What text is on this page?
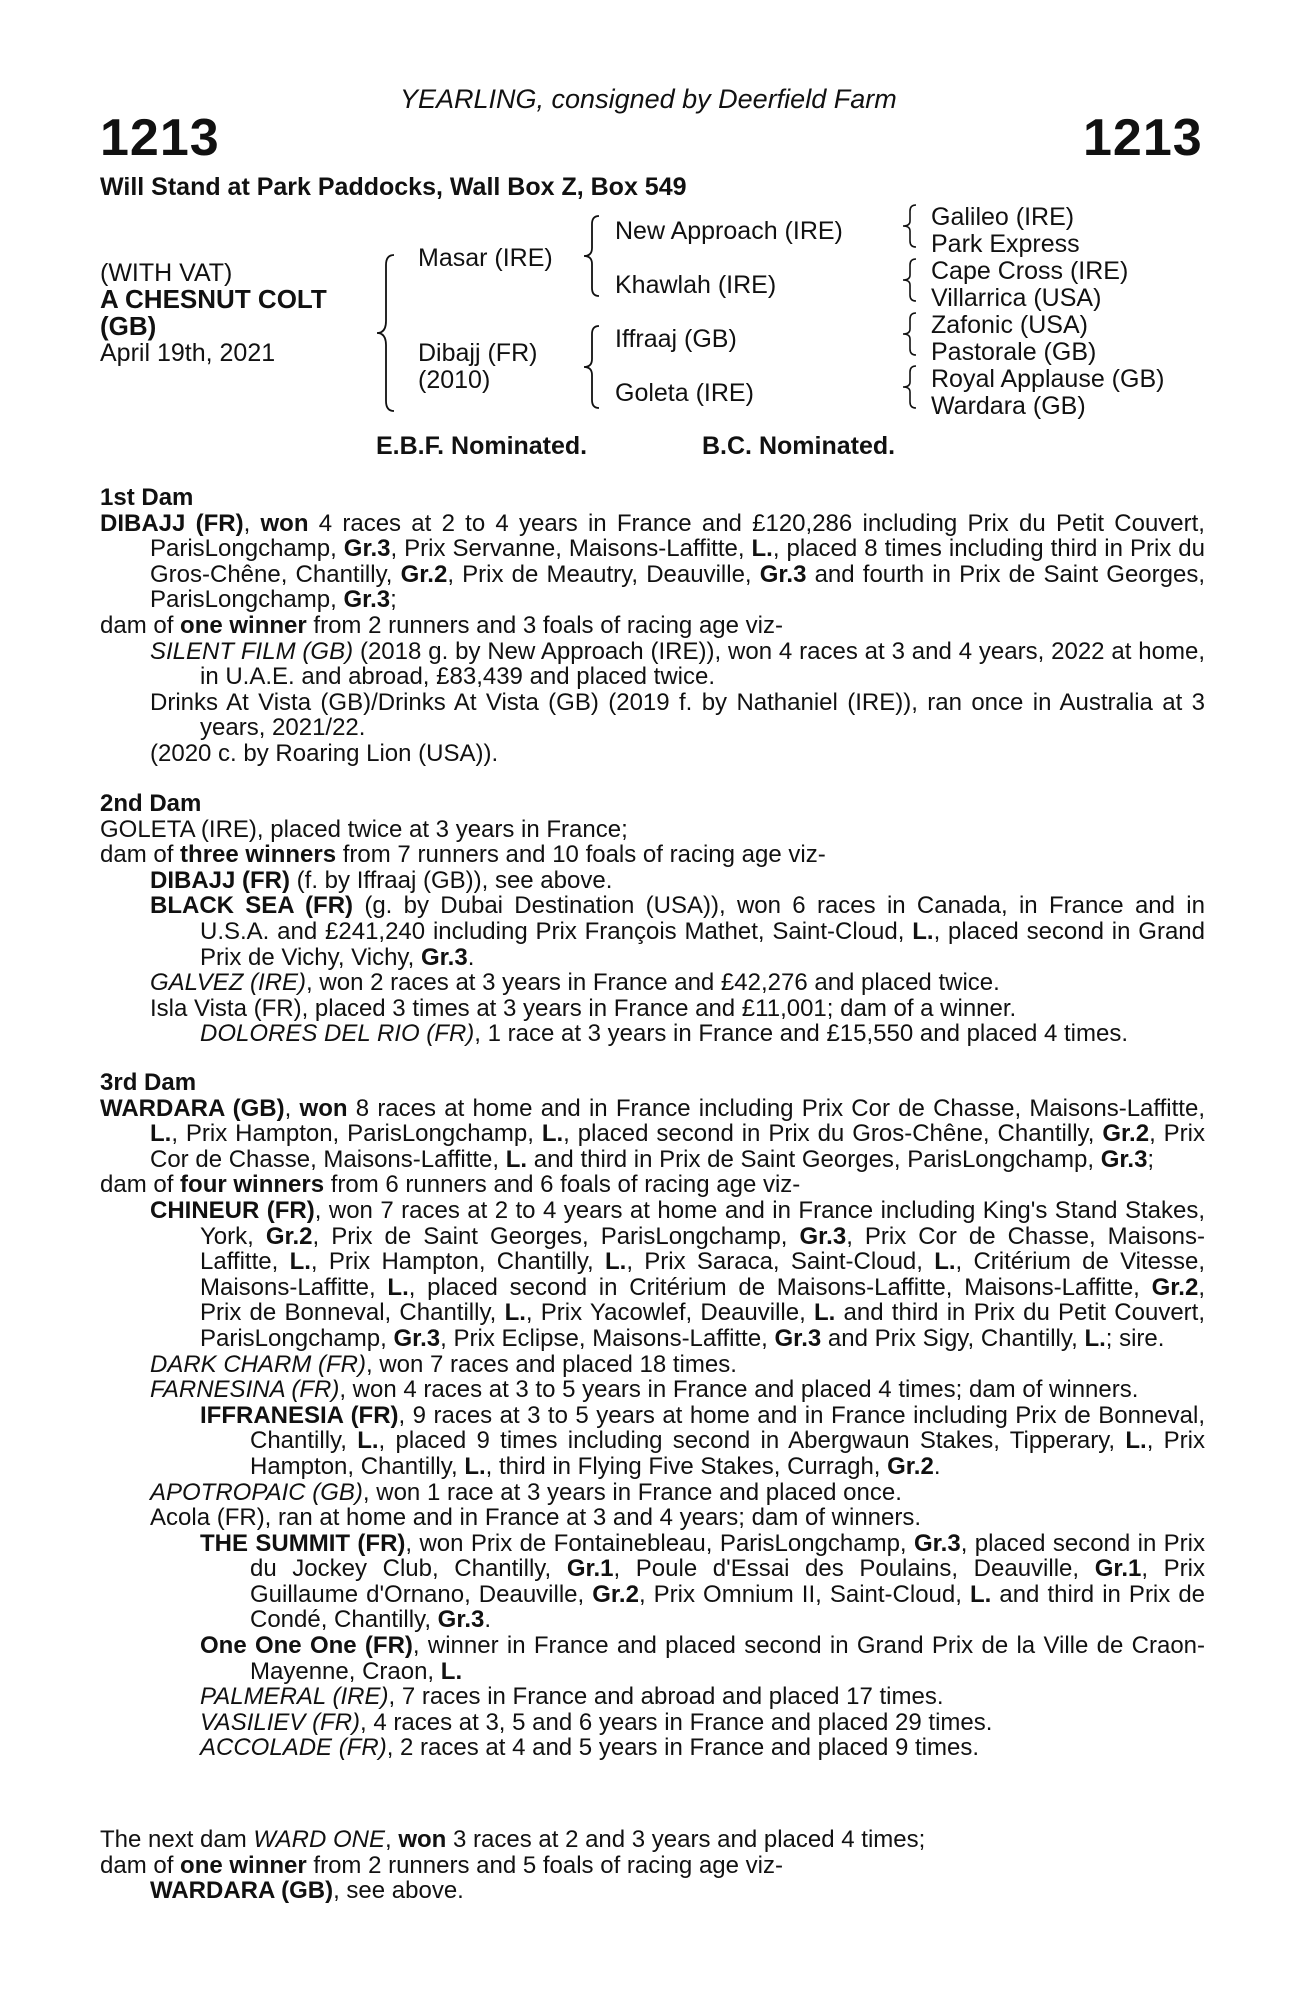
YEARLING, consigned by Deerfield Farm
1213	1213
Will Stand at Park Paddocks, Wall Box Z, Box 549
(WITH VAT)
A CHESNUT COLT
(GB)
April 19th, 2021
Masar (IRE)
Dibajj (FR)
(2010)
New Approach (IRE)
Khawlah (IRE)
Iffraaj (GB)
Goleta (IRE)
Galileo (IRE)
Park Express
Cape Cross (IRE)
Villarrica (USA)
Zafonic (USA)
Pastorale (GB)
Royal Applause (GB)
Wardara (GB)
E.B.F. Nominated.	B.C. Nominated.

1st Dam

DIBAJJ (FR), won 4 races at 2 to 4 years in France and £120,286 including Prix du Petit Couvert, ParisLongchamp, Gr.3, Prix Servanne, Maisons-Laffitte, L., placed 8 times including third in Prix du Gros-Chêne, Chantilly, Gr.2, Prix de Meautry, Deauville, Gr.3 and fourth in Prix de Saint Georges, ParisLongchamp, Gr.3;

dam of one winner from 2 runners and 3 foals of racing age viz-

SILENT FILM (GB) (2018 g. by New Approach (IRE)), won 4 races at 3 and 4 years, 2022 at home, in U.A.E. and abroad, £83,439 and placed twice.

Drinks At Vista (GB)/Drinks At Vista (GB) (2019 f. by Nathaniel (IRE)), ran once in Australia at 3 years, 2021/22.

(2020 c. by Roaring Lion (USA)).

2nd Dam

GOLETA (IRE), placed twice at 3 years in France;

dam of three winners from 7 runners and 10 foals of racing age viz-

DIBAJJ (FR) (f. by Iffraaj (GB)), see above.

BLACK SEA (FR) (g. by Dubai Destination (USA)), won 6 races in Canada, in France and in U.S.A. and £241,240 including Prix François Mathet, Saint-Cloud, L., placed second in Grand Prix de Vichy, Vichy, Gr.3.

GALVEZ (IRE), won 2 races at 3 years in France and £42,276 and placed twice.

Isla Vista (FR), placed 3 times at 3 years in France and £11,001; dam of a winner.

DOLORES DEL RIO (FR), 1 race at 3 years in France and £15,550 and placed 4 times.

3rd Dam

WARDARA (GB), won 8 races at home and in France including Prix Cor de Chasse, Maisons-Laffitte, L., Prix Hampton, ParisLongchamp, L., placed second in Prix du Gros-Chêne, Chantilly, Gr.2, Prix Cor de Chasse, Maisons-Laffitte, L. and third in Prix de Saint Georges, ParisLongchamp, Gr.3;

dam of four winners from 6 runners and 6 foals of racing age viz-

CHINEUR (FR), won 7 races at 2 to 4 years at home and in France including King's Stand Stakes, York, Gr.2, Prix de Saint Georges, ParisLongchamp, Gr.3, Prix Cor de Chasse, Maisons-Laffitte, L., Prix Hampton, Chantilly, L., Prix Saraca, Saint-Cloud, L., Critérium de Vitesse, Maisons-Laffitte, L., placed second in Critérium de Maisons-Laffitte, Maisons-Laffitte, Gr.2, Prix de Bonneval, Chantilly, L., Prix Yacowlef, Deauville, L. and third in Prix du Petit Couvert, ParisLongchamp, Gr.3, Prix Eclipse, Maisons-Laffitte, Gr.3 and Prix Sigy, Chantilly, L.; sire.

DARK CHARM (FR), won 7 races and placed 18 times.

FARNESINA (FR), won 4 races at 3 to 5 years in France and placed 4 times; dam of winners.

IFFRANESIA (FR), 9 races at 3 to 5 years at home and in France including Prix de Bonneval, Chantilly, L., placed 9 times including second in Abergwaun Stakes, Tipperary, L., Prix Hampton, Chantilly, L., third in Flying Five Stakes, Curragh, Gr.2.

APOTROPAIC (GB), won 1 race at 3 years in France and placed once.

Acola (FR), ran at home and in France at 3 and 4 years; dam of winners.

THE SUMMIT (FR), won Prix de Fontainebleau, ParisLongchamp, Gr.3, placed second in Prix du Jockey Club, Chantilly, Gr.1, Poule d'Essai des Poulains, Deauville, Gr.1, Prix Guillaume d'Ornano, Deauville, Gr.2, Prix Omnium II, Saint-Cloud, L. and third in Prix de Condé, Chantilly, Gr.3.

One One One (FR), winner in France and placed second in Grand Prix de la Ville de Craon-Mayenne, Craon, L.

PALMERAL (IRE), 7 races in France and abroad and placed 17 times.

VASILIEV (FR), 4 races at 3, 5 and 6 years in France and placed 29 times.

ACCOLADE (FR), 2 races at 4 and 5 years in France and placed 9 times.

The next dam WARD ONE, won 3 races at 2 and 3 years and placed 4 times;

dam of one winner from 2 runners and 5 foals of racing age viz-

WARDARA (GB), see above.
